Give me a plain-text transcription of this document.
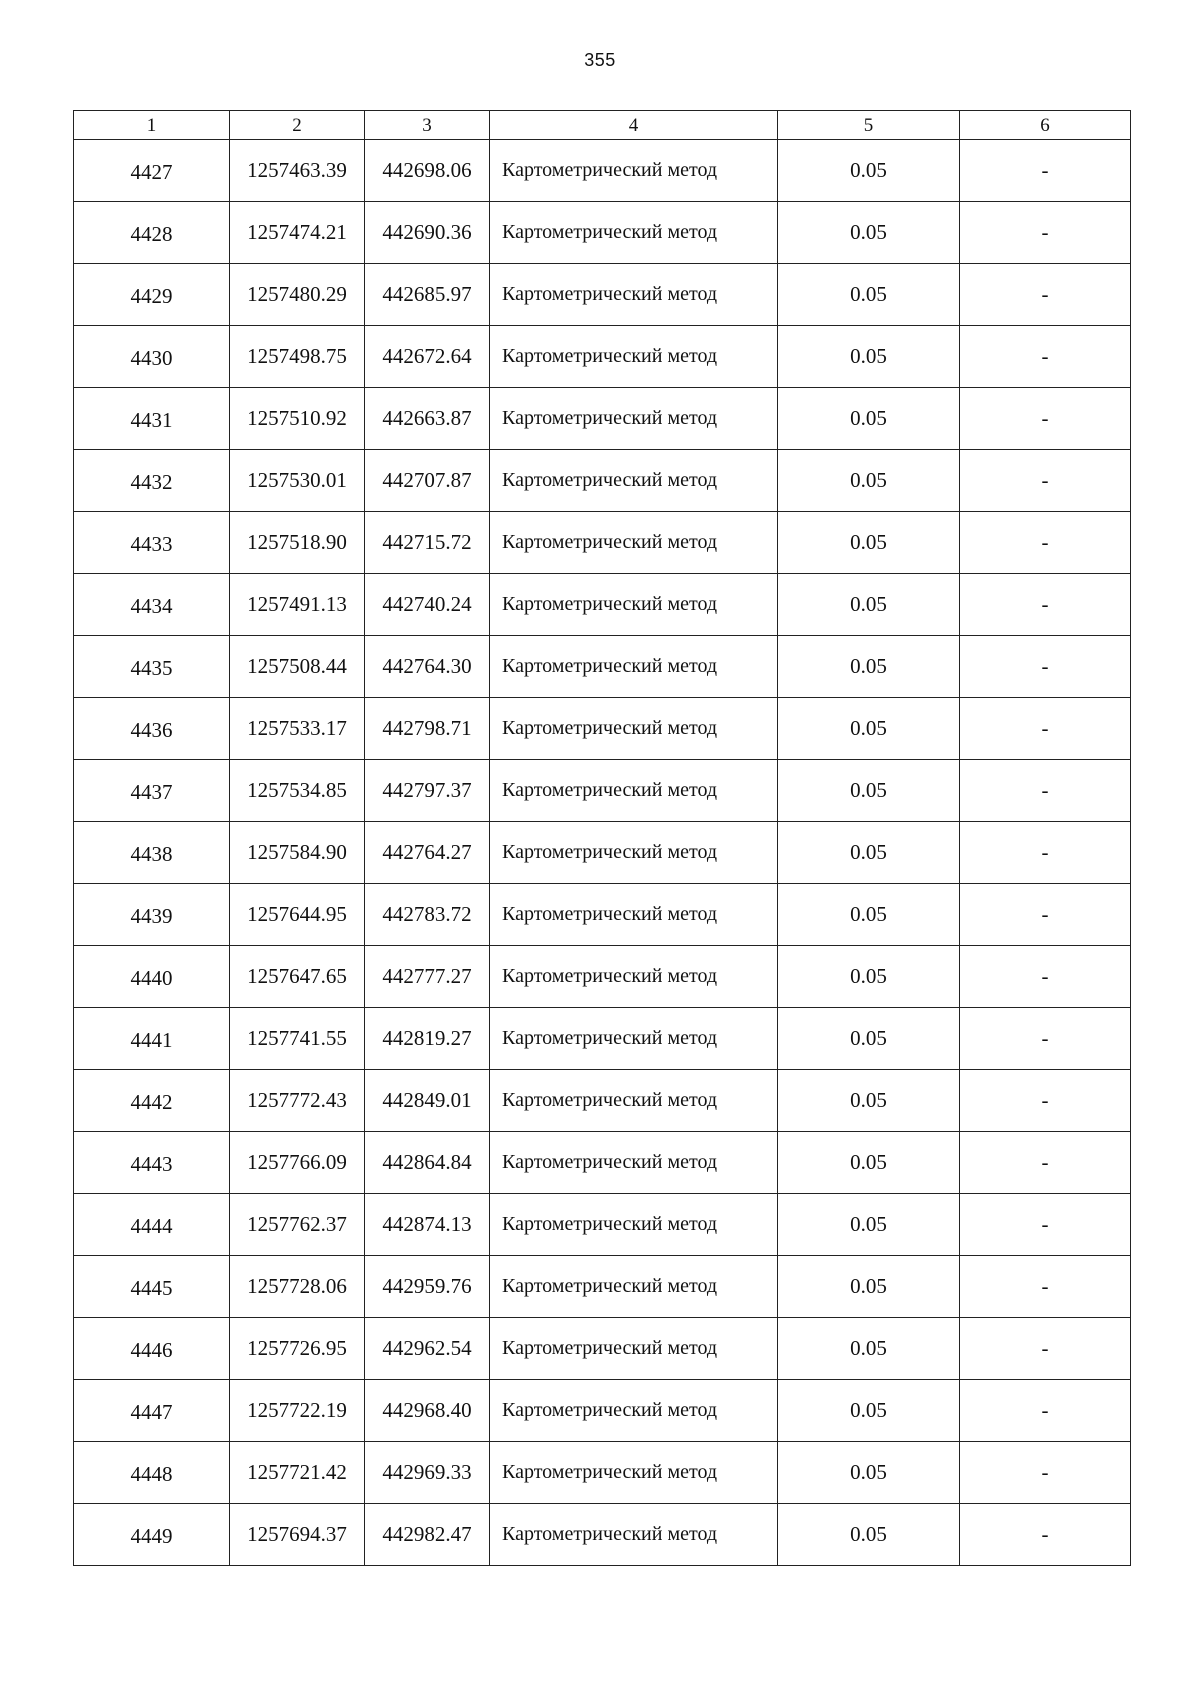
355
1	2	3	4	5	6
4427	1257463.39	442698.06	Картометрический метод	0.05	-
4428	1257474.21	442690.36	Картометрический метод	0.05	-
4429	1257480.29	442685.97	Картометрический метод	0.05	-
4430	1257498.75	442672.64	Картометрический метод	0.05	-
4431	1257510.92	442663.87	Картометрический метод	0.05	-
4432	1257530.01	442707.87	Картометрический метод	0.05	-
4433	1257518.90	442715.72	Картометрический метод	0.05	-
4434	1257491.13	442740.24	Картометрический метод	0.05	-
4435	1257508.44	442764.30	Картометрический метод	0.05	-
4436	1257533.17	442798.71	Картометрический метод	0.05	-
4437	1257534.85	442797.37	Картометрический метод	0.05	-
4438	1257584.90	442764.27	Картометрический метод	0.05	-
4439	1257644.95	442783.72	Картометрический метод	0.05	-
4440	1257647.65	442777.27	Картометрический метод	0.05	-
4441	1257741.55	442819.27	Картометрический метод	0.05	-
4442	1257772.43	442849.01	Картометрический метод	0.05	-
4443	1257766.09	442864.84	Картометрический метод	0.05	-
4444	1257762.37	442874.13	Картометрический метод	0.05	-
4445	1257728.06	442959.76	Картометрический метод	0.05	-
4446	1257726.95	442962.54	Картометрический метод	0.05	-
4447	1257722.19	442968.40	Картометрический метод	0.05	-
4448	1257721.42	442969.33	Картометрический метод	0.05	-
4449	1257694.37	442982.47	Картометрический метод	0.05	-
